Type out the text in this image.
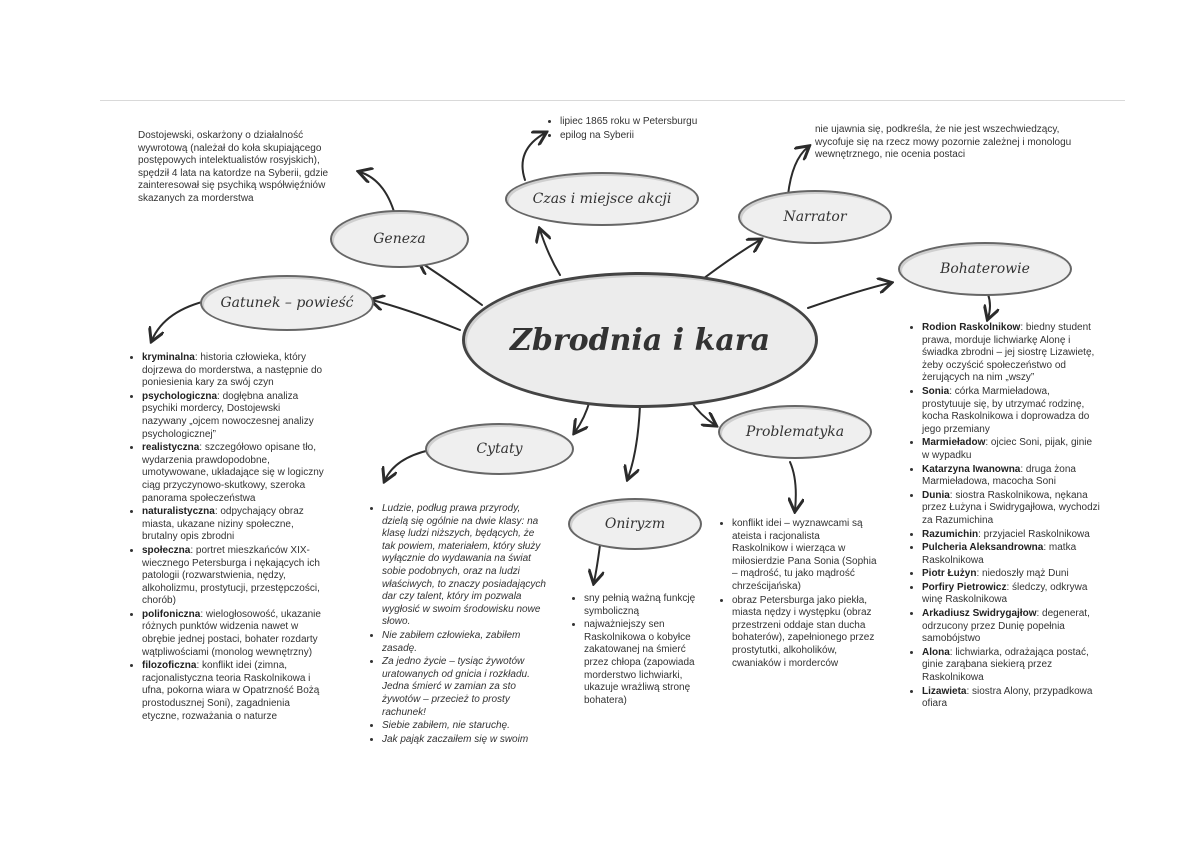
Zbrodnia i kara
Geneza
Czas i miejsce akcji
Narrator
Bohaterowie
Gatunek – powieść
Cytaty
Oniryzm
Problematyka
Dostojewski, oskarżony o działalność wywrotową (należał do koła skupiającego postępowych intelektualistów rosyjskich), spędził 4 lata na katordze na Syberii, gdzie zainteresował się psychiką współwięźniów skazanych za morderstwa
• lipiec 1865 roku w Petersburgu
• epilog na Syberii
nie ujawnia się, podkreśla, że nie jest wszechwiedzący, wycofuje się na rzecz mowy pozornie zależnej i monologu wewnętrznego, nie ocenia postaci
• kryminalna: historia człowieka, który dojrzewa do morderstwa, a następnie do poniesienia kary za swój czyn
• psychologiczna: dogłębna analiza psychiki mordercy, Dostojewski nazywany „ojcem nowoczesnej analizy psychologicznej”
• realistyczna: szczegółowo opisane tło, wydarzenia prawdopodobne, umotywowane, układające się w logiczny ciąg przyczynowo-skutkowy, szeroka panorama społeczeństwa
• naturalistyczna: odpychający obraz miasta, ukazane niziny społeczne, brutalny opis zbrodni
• społeczna: portret mieszkańców XIX-wiecznego Petersburga i nękających ich patologii (rozwarstwienia, nędzy, alkoholizmu, prostytucji, przestępczości, chorób)
• polifoniczna: wielogłosowość, ukazanie różnych punktów widzenia nawet w obrębie jednej postaci, bohater rozdarty wątpliwościami (monolog wewnętrzny)
• filozoficzna: konflikt idei (zimna, racjonalistyczna teoria Raskolnikowa i ufna, pokorna wiara w Opatrzność Bożą prostodusznej Soni), zagadnienia etyczne, rozważania o naturze
• Ludzie, podług prawa przyrody, dzielą się ogólnie na dwie klasy: na klasę ludzi niższych, będących, że tak powiem, materiałem, który służy wyłącznie do wydawania na świat sobie podobnych, oraz na ludzi właściwych, to znaczy posiadających dar czy talent, który im pozwala wygłosić w swoim środowisku nowe słowo.
• Nie zabiłem człowieka, zabiłem zasadę.
• Za jedno życie – tysiąc żywotów uratowanych od gnicia i rozkładu. Jedna śmierć w zamian za sto żywotów – przecież to prosty rachunek!
• Siebie zabiłem, nie staruchę.
• Jak pająk zaczaiłem się w swoim
• sny pełnią ważną funkcję symboliczną
• najważniejszy sen Raskolnikowa o kobyłce zakatowanej na śmierć przez chłopa (zapowiada morderstwo lichwiarki, ukazuje wrażliwą stronę bohatera)
• konflikt idei – wyznawcami są ateista i racjonalista Raskolnikow i wierząca w miłosierdzie Pana Sonia (Sophia – mądrość, tu jako mądrość chrześcijańska)
• obraz Petersburga jako piekła, miasta nędzy i występku (obraz przestrzeni oddaje stan ducha bohaterów), zapełnionego przez prostytutki, alkoholików, cwaniaków i morderców
• Rodion Raskolnikow: biedny student prawa, morduje lichwiarkę Alonę i świadka zbrodni – jej siostrę Lizawietę, żeby oczyścić społeczeństwo od żerujących na nim „wszy”
• Sonia: córka Marmieładowa, prostytuuje się, by utrzymać rodzinę, kocha Raskolnikowa i doprowadza do jego przemiany
• Marmieładow: ojciec Soni, pijak, ginie w wypadku
• Katarzyna Iwanowna: druga żona Marmieładowa, macocha Soni
• Dunia: siostra Raskolnikowa, nękana przez Łużyna i Swidrygajłowa, wychodzi za Razumichina
• Razumichin: przyjaciel Raskolnikowa
• Pulcheria Aleksandrowna: matka Raskolnikowa
• Piotr Łużyn: niedoszły mąż Duni
• Porfiry Pietrowicz: śledczy, odkrywa winę Raskolnikowa
• Arkadiusz Swidrygajłow: degenerat, odrzucony przez Dunię popełnia samobójstwo
• Alona: lichwiarka, odrażająca postać, ginie zarąbana siekierą przez Raskolnikowa
• Lizawieta: siostra Alony, przypadkowa ofiara
